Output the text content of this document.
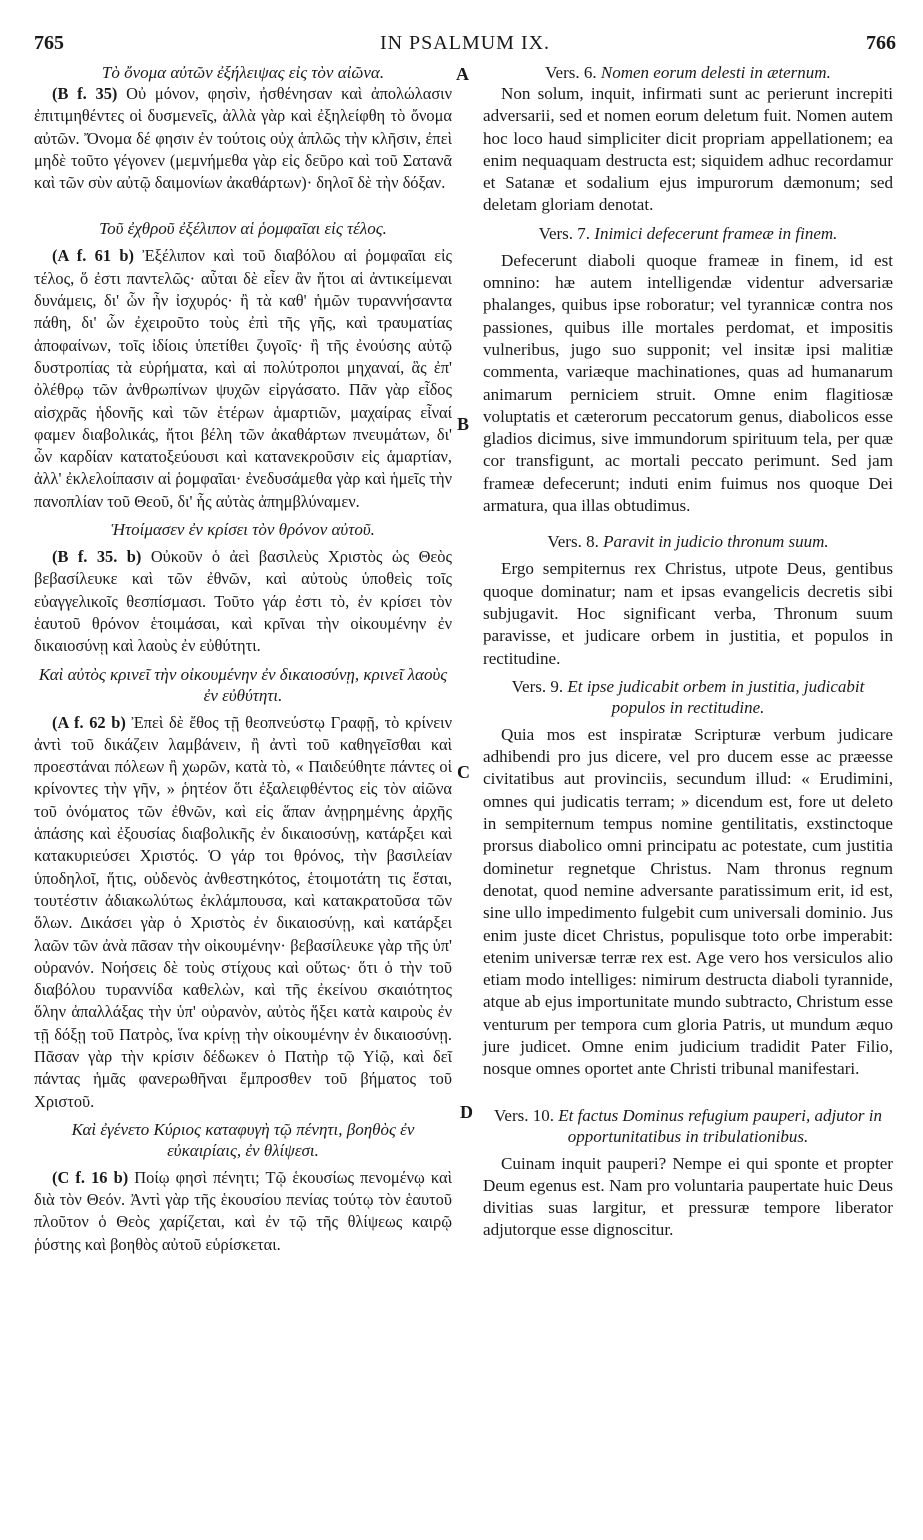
765	IN PSALMUM IX.	766
A
B
C
D

Τὸ ὄνομα αὐτῶν ἐξήλειψας εἰς τὸν αἰῶνα.

(B f. 35) Οὐ μόνον, φησὶν, ἠσθένησαν καὶ ἀπολώλασιν ἐπιτιμηθέντες οἱ δυσμενεῖς, ἀλλὰ γὰρ καὶ ἐξηλείφθη τὸ ὄνομα αὐτῶν. Ὄνομα δέ φησιν ἐν τούτοις οὐχ ἁπλῶς τὴν κλῆσιν, ἐπεὶ μηδὲ τοῦτο γέγονεν (μεμνήμεθα γὰρ εἰς δεῦρο καὶ τοῦ Σατανᾶ καὶ τῶν σὺν αὐτῷ δαιμονίων ἀκαθάρτων)· δηλοῖ δὲ τὴν δόξαν.

Τοῦ ἐχθροῦ ἐξέλιπον αἱ ῥομφαῖαι εἰς τέλος.

(A f. 61 b) Ἐξέλιπον καὶ τοῦ διαβόλου αἱ ῥομφαῖαι εἰς τέλος, ὅ ἐστι παντελῶς· αὗται δὲ εἶεν ἂν ἤτοι αἱ ἀντικείμεναι δυνάμεις, δι' ὧν ἦν ἰσχυρός· ἢ τὰ καθ' ἡμῶν τυραννήσαντα πάθη, δι' ὧν ἐχειροῦτο τοὺς ἐπὶ τῆς γῆς, καὶ τραυματίας ἀποφαίνων, τοῖς ἰδίοις ὑπετίθει ζυγοῖς· ἢ τῆς ἐνούσης αὐτῷ δυστροπίας τὰ εὑρήματα, καὶ αἱ πολύτροποι μηχαναί, ἃς ἐπ' ὀλέθρῳ τῶν ἀνθρωπίνων ψυχῶν εἰργάσατο. Πᾶν γὰρ εἶδος αἰσχρᾶς ἡδονῆς καὶ τῶν ἑτέρων ἁμαρτιῶν, μαχαίρας εἶναί φαμεν διαβολικάς, ἤτοι βέλη τῶν ἀκαθάρτων πνευμάτων, δι' ὧν καρδίαν κατατοξεύουσι καὶ κατανεκροῦσιν εἰς ἁμαρτίαν, ἀλλ' ἐκλελοίπασιν αἱ ῥομφαῖαι· ἐνεδυσάμεθα γὰρ καὶ ἡμεῖς τὴν πανοπλίαν τοῦ Θεοῦ, δι' ἧς αὐτὰς ἀπημβλύναμεν.

Ἡτοίμασεν ἐν κρίσει τὸν θρόνον αὐτοῦ.

(B f. 35. b) Οὐκοῦν ὁ ἀεὶ βασιλεὺς Χριστὸς ὡς Θεὸς βεβασίλευκε καὶ τῶν ἐθνῶν, καὶ αὐτοὺς ὑποθεὶς τοῖς εὐαγγελικοῖς θεσπίσμασι. Τοῦτο γάρ ἐστι τὸ, ἐν κρίσει τὸν ἑαυτοῦ θρόνον ἑτοιμάσαι, καὶ κρῖναι τὴν οἰκουμένην ἐν δικαιοσύνῃ καὶ λαοὺς ἐν εὐθύτητι.

Καὶ αὐτὸς κρινεῖ τὴν οἰκουμένην ἐν δικαιοσύνῃ, κρινεῖ λαοὺς ἐν εὐθύτητι.

(A f. 62 b) Ἐπεὶ δὲ ἔθος τῇ θεοπνεύστῳ Γραφῇ, τὸ κρίνειν ἀντὶ τοῦ δικάζειν λαμβάνειν, ἢ ἀντὶ τοῦ καθηγεῖσθαι καὶ προεστάναι πόλεων ἢ χωρῶν, κατὰ τὸ, « Παιδεύθητε πάντες οἱ κρίνοντες τὴν γῆν, » ῥητέον ὅτι ἐξαλειφθέντος εἰς τὸν αἰῶνα τοῦ ὀνόματος τῶν ἐθνῶν, καὶ εἰς ἅπαν ἀνῃρημένης ἀρχῆς ἁπάσης καὶ ἐξουσίας διαβολικῆς ἐν δικαιοσύνῃ, κατάρξει καὶ κατακυριεύσει Χριστός. Ὁ γάρ τοι θρόνος, τὴν βασιλείαν ὑποδηλοῖ, ἥτις, οὐδενὸς ἀνθεστηκότος, ἑτοιμοτάτη τις ἔσται, τουτέστιν ἀδιακωλύτως ἐκλάμπουσα, καὶ κατακρατοῦσα τῶν ὅλων. Δικάσει γὰρ ὁ Χριστὸς ἐν δικαιοσύνῃ, καὶ κατάρξει λαῶν τῶν ἀνὰ πᾶσαν τὴν οἰκουμένην· βεβασίλευκε γὰρ τῆς ὑπ' οὐρανόν. Νοήσεις δὲ τοὺς στίχους καὶ οὕτως· ὅτι ὁ τὴν τοῦ διαβόλου τυραννίδα καθελὼν, καὶ τῆς ἐκείνου σκαιότητος ὅλην ἀπαλλάξας τὴν ὑπ' οὐρανὸν, αὐτὸς ἥξει κατὰ καιροὺς ἐν τῇ δόξῃ τοῦ Πατρὸς, ἵνα κρίνῃ τὴν οἰκουμένην ἐν δικαιοσύνῃ. Πᾶσαν γὰρ τὴν κρίσιν δέδωκεν ὁ Πατὴρ τῷ Υἱῷ, καὶ δεῖ πάντας ἡμᾶς φανερωθῆναι ἔμπροσθεν τοῦ βήματος τοῦ Χριστοῦ.

Καὶ ἐγένετο Κύριος καταφυγὴ τῷ πένητι, βοηθὸς ἐν εὐκαιρίαις, ἐν θλίψεσι.

(C f. 16 b) Ποίῳ φησὶ πένητι; Τῷ ἑκουσίως πενομένῳ καὶ διὰ τὸν Θεόν. Ἀντὶ γὰρ τῆς ἑκουσίου πενίας τούτῳ τὸν ἑαυτοῦ πλοῦτον ὁ Θεὸς χαρίζεται, καὶ ἐν τῷ τῆς θλίψεως καιρῷ ῥύστης καὶ βοηθὸς αὐτοῦ εὑρίσκεται.

Vers. 6. Nomen eorum delesti in æternum.

Non solum, inquit, infirmati sunt ac perierunt increpiti adversarii, sed et nomen eorum deletum fuit. Nomen autem hoc loco haud simpliciter dicit propriam appellationem; ea enim nequaquam destructa est; siquidem adhuc recordamur et Satanæ et sodalium ejus impurorum dæmonum; sed deletam gloriam denotat.

Vers. 7. Inimici defecerunt frameæ in finem.

Defecerunt diaboli quoque frameæ in finem, id est omnino: hæ autem intelligendæ videntur adversariæ phalanges, quibus ipse roboratur; vel tyrannicæ contra nos passiones, quibus ille mortales perdomat, et impositis vulneribus, jugo suo supponit; vel insitæ ipsi malitiæ commenta, variæque machinationes, quas ad humanarum animarum perniciem struit. Omne enim flagitiosæ voluptatis et cæterorum peccatorum genus, diabolicos esse gladios dicimus, sive immundorum spirituum tela, per quæ cor transfigunt, ac mortali peccato perimunt. Sed jam frameæ defecerunt; induti enim fuimus nos quoque Dei armatura, qua illas obtudimus.

Vers. 8. Paravit in judicio thronum suum.

Ergo sempiternus rex Christus, utpote Deus, gentibus quoque dominatur; nam et ipsas evangelicis decretis sibi subjugavit. Hoc significant verba, Thronum suum paravisse, et judicare orbem in justitia, et populos in rectitudine.

Vers. 9. Et ipse judicabit orbem in justitia, judicabit populos in rectitudine.

Quia mos est inspiratæ Scripturæ verbum judicare adhibendi pro jus dicere, vel pro ducem esse ac præesse civitatibus aut provinciis, secundum illud: « Erudimini, omnes qui judicatis terram; » dicendum est, fore ut deleto in sempiternum tempus nomine gentilitatis, exstinctoque prorsus diabolico omni principatu ac potestate, cum justitia dominetur regnetque Christus. Nam thronus regnum denotat, quod nemine adversante paratissimum erit, id est, sine ullo impedimento fulgebit cum universali dominio. Jus enim juste dicet Christus, populisque toto orbe imperabit: etenim universæ terræ rex est. Age vero hos versiculos alio etiam modo intelliges: nimirum destructa diaboli tyrannide, atque ab ejus importunitate mundo subtracto, Christum esse venturum per tempora cum gloria Patris, ut mundum æquo jure judicet. Omne enim judicium tradidit Pater Filio, nosque omnes oportet ante Christi tribunal manifestari.

Vers. 10. Et factus Dominus refugium pauperi, adjutor in opportunitatibus in tribulationibus.

Cuinam inquit pauperi? Nempe ei qui sponte et propter Deum egenus est. Nam pro voluntaria paupertate huic Deus divitias suas largitur, et pressuræ tempore liberator adjutorque esse dignoscitur.
